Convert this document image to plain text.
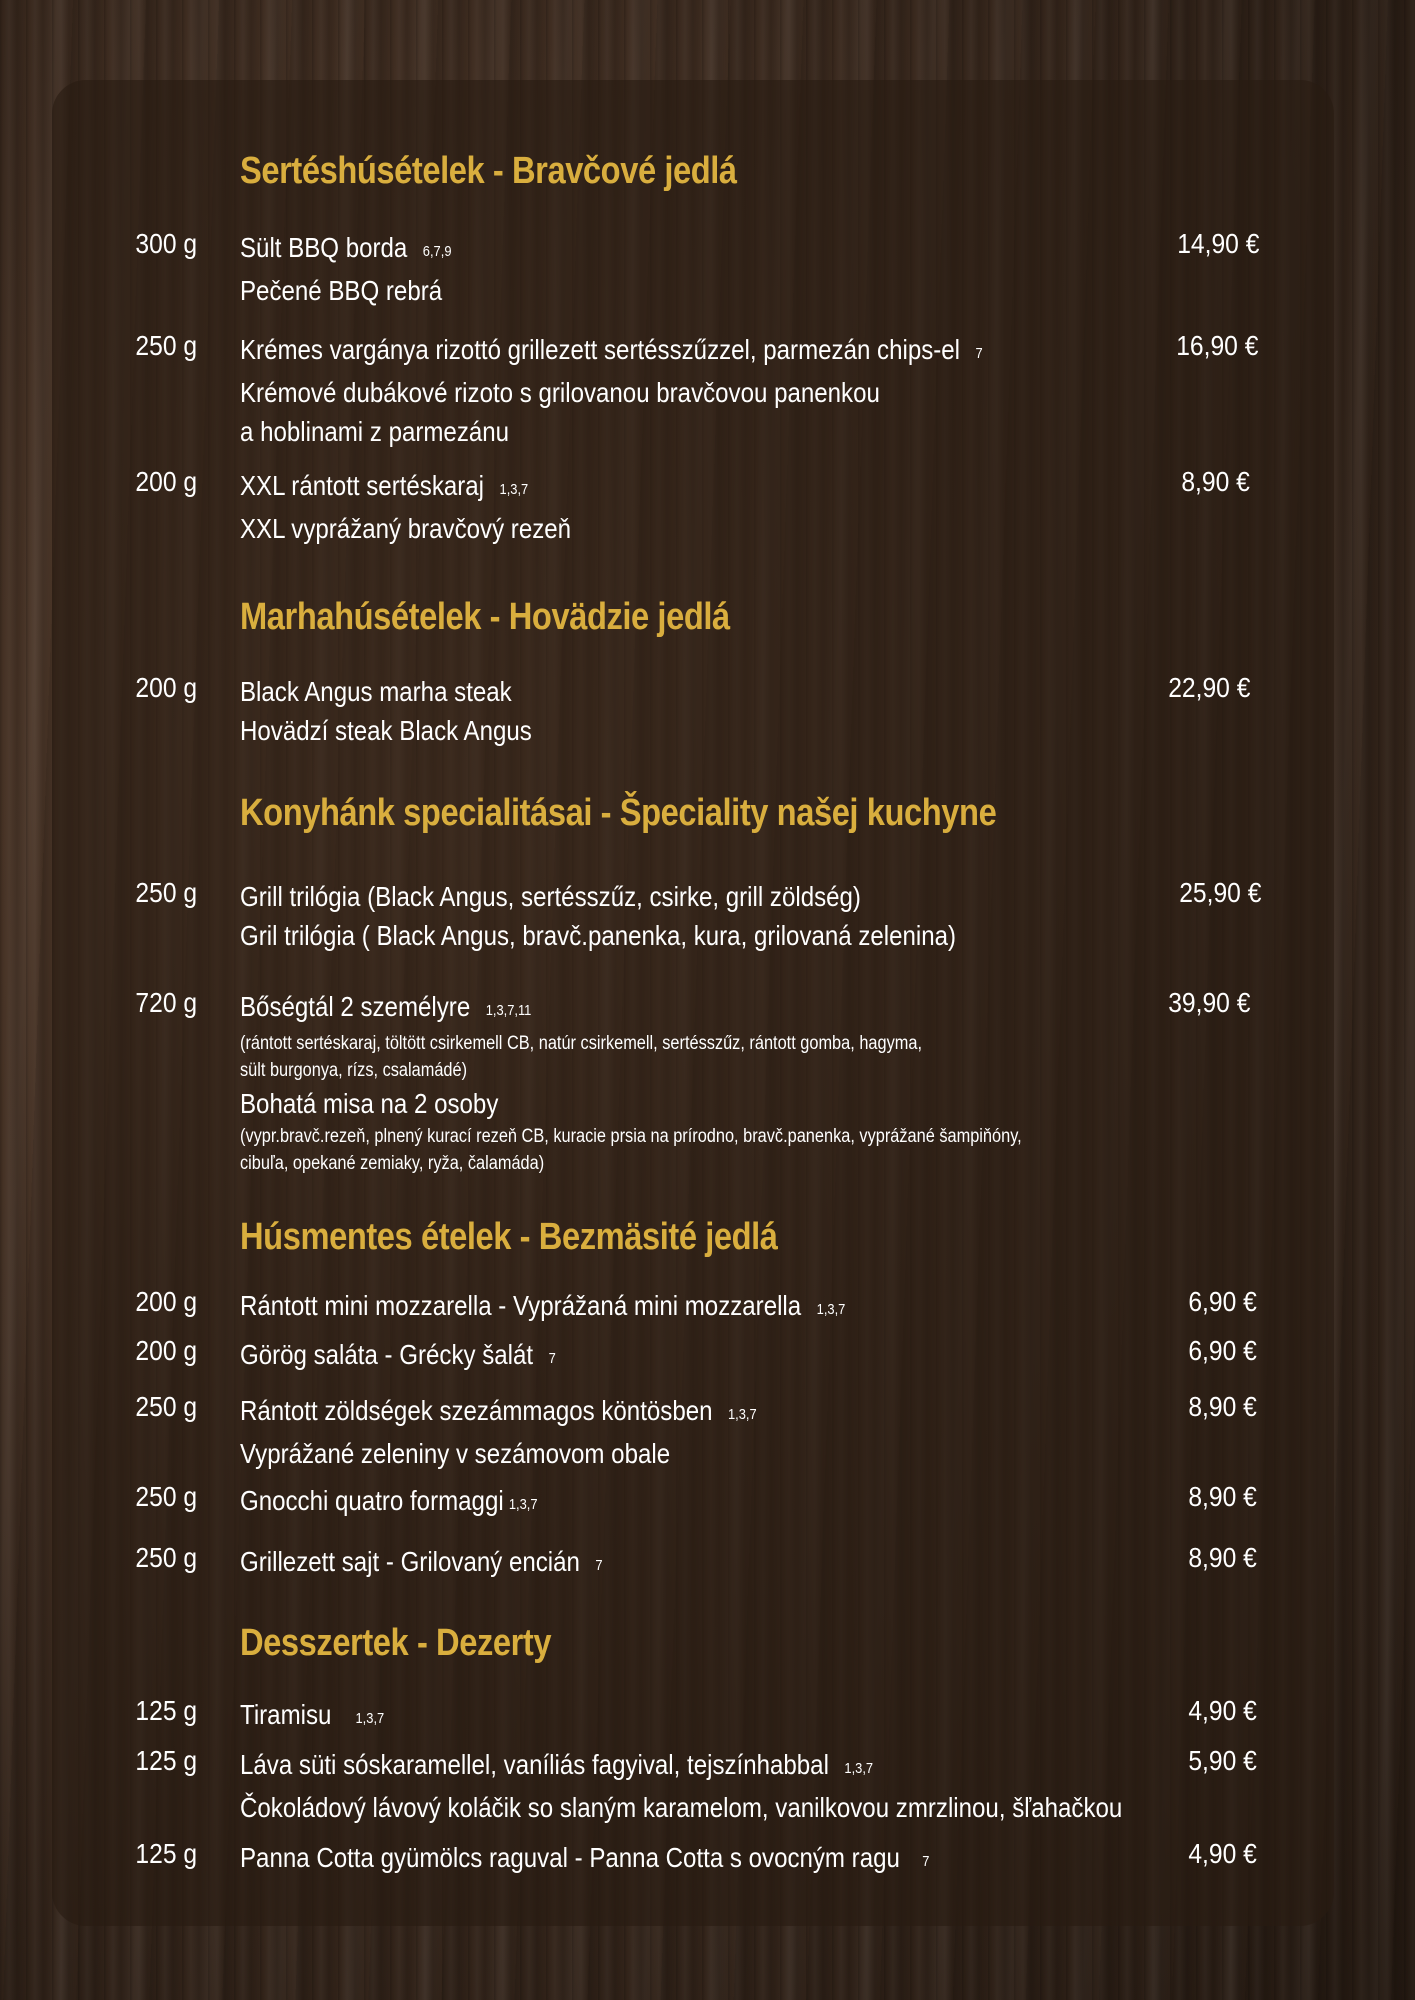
Sertéshúsételek - Bravčové jedlá
300 g Sült BBQ borda 6,7,9
Pečené BBQ rebrá
14,90 €
250 g Krémes vargánya rizottó grillezett sertésszűzzel, parmezán chips-el 7
Krémové dubákové rizoto s grilovanou bravčovou panenkou
a hoblinami z parmezánu
16,90 €
200 g XXL rántott sertéskaraj 1,3,7
XXL vyprážaný bravčový rezeň
8,90 €
Marhahúsételek - Hovädzie jedlá
200 g Black Angus marha steak
Hovädzí steak Black Angus
22,90 €
Konyhánk specialitásai - Špeciality našej kuchyne
250 g Grill trilógia (Black Angus, sertésszűz, csirke, grill zöldség)
Gril trilógia ( Black Angus, bravč.panenka, kura, grilovaná zelenina)
25,90 €
720 g Bőségtál 2 személyre 1,3,7,11
(rántott sertéskaraj, töltött csirkemell CB, natúr csirkemell, sertésszűz, rántott gomba, hagyma,
sült burgonya, rízs, csalamádé)
Bohatá misa na 2 osoby
(vypr.bravč.rezeň, plnený kurací rezeň CB, kuracie prsia na prírodno, bravč.panenka, vyprážané šampiňóny,
cibuľa, opekané zemiaky, ryža, čalamáda)
39,90 €
Húsmentes ételek - Bezmäsité jedlá
200 g Rántott mini mozzarella - Vyprážaná mini mozzarella 1,3,7	6,90 €
200 g Görög saláta - Grécky šalát 7	6,90 €
250 g Rántott zöldségek szezámmagos köntösben 1,3,7
Vyprážané zeleniny v sezámovom obale
8,90 €
250 g Gnocchi quatro formaggi 1,3,7	8,90 €
250 g Grillezett sajt - Grilovaný encián 7	8,90 €
Desszertek - Dezerty
125 g Tiramisu 1,3,7	4,90 €
125 g Láva süti sóskaramellel, vaníliás fagyival, tejszínhabbal 1,3,7
Čokoládový lávový koláčik so slaným karamelom, vanilkovou zmrzlinou, šľahačkou
5,90 €
125 g Panna Cotta gyümölcs raguval - Panna Cotta s ovocným ragu 7	4,90 €
